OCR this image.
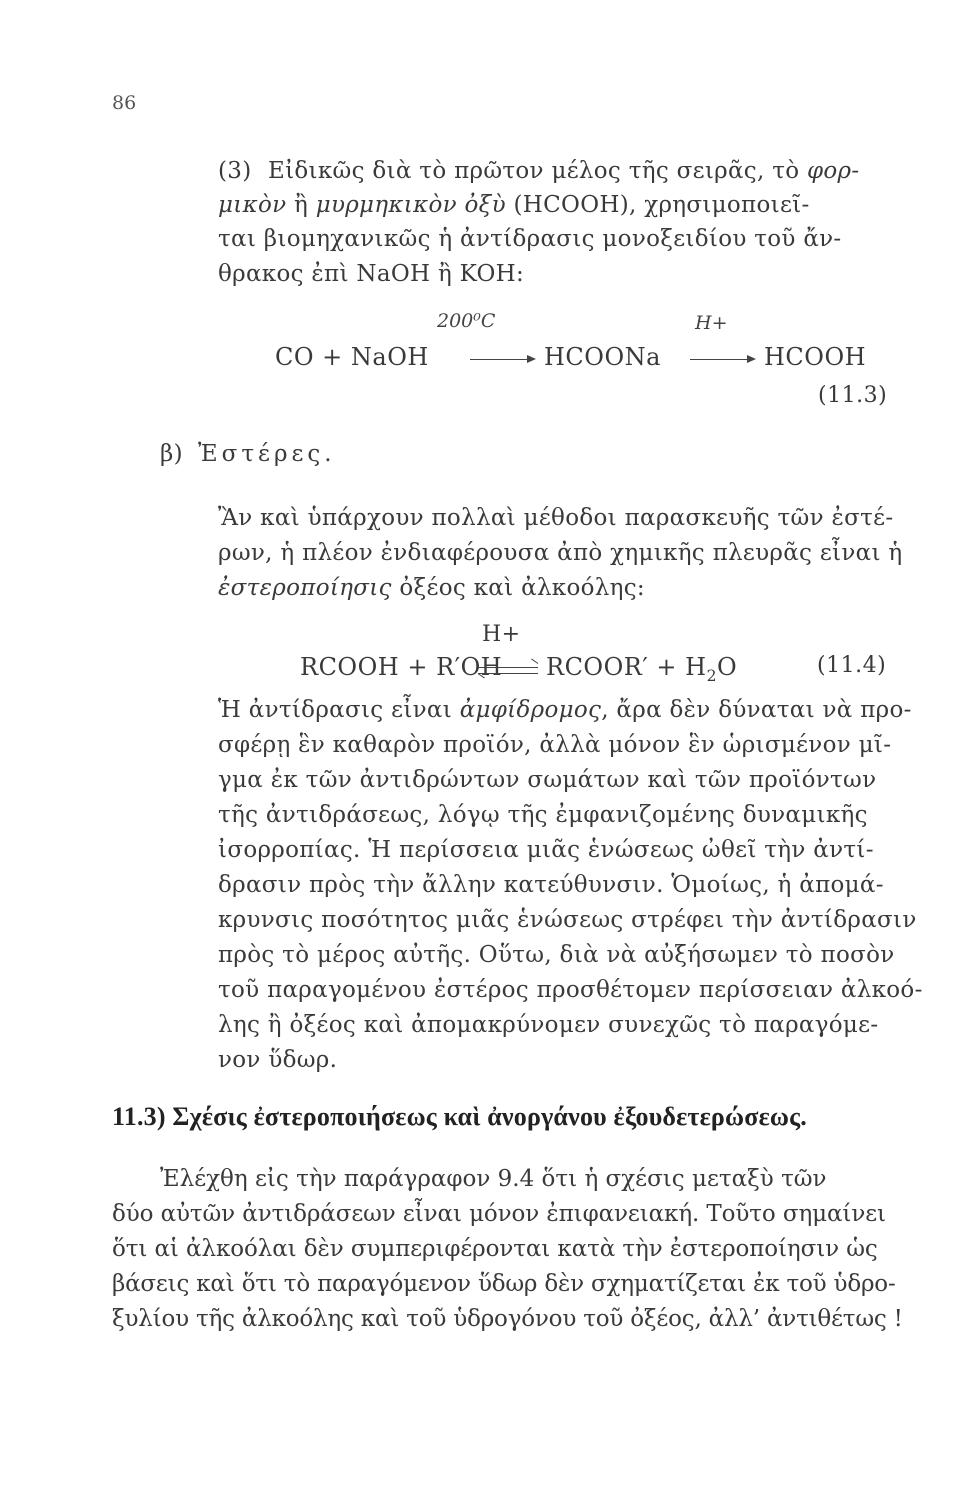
86
(3) Εἰδικῶς διὰ τὸ πρῶτον μέλος τῆς σειρᾶς, τὸ φορ-
μικὸν ἢ μυρμηκικὸν ὀξὺ (HCOOH), χρησιμοποιεῖ-
ται βιομηχανικῶς ἡ ἀντίδρασις μονοξειδίου τοῦ ἄν-
θρακος ἐπὶ NaOH ἢ KOH:
200⁰C	H+
CO + NaOH	→ HCOONa → HCOOH
(11.3)
β) Ἐστέρες.
Ἂν καὶ ὑπάρχουν πολλαὶ μέθοδοι παρασκευῆς τῶν ἐστέ-
ρων, ἡ πλέον ἐνδιαφέρουσα ἀπὸ χημικῆς πλευρᾶς εἶναι ἡ
ἐστεροποίησις ὀξέος καὶ ἀλκοόλης:
H+
RCOOH + R′OH RCOOR′ + $H_2O$	(11.4)
Ἡ ἀντίδρασις εἶναι ἀμφίδρομος, ἄρα δὲν δύναται νὰ προ-
σφέρῃ ἓν καθαρὸν προϊόν, ἀλλὰ μόνον ἓν ὡρισμένον μῖ-
γμα ἐκ τῶν ἀντιδρώντων σωμάτων καὶ τῶν προϊόντων
τῆς ἀντιδράσεως, λόγῳ τῆς ἐμφανιζομένης δυναμικῆς
ἰσορροπίας. Ἡ περίσσεια μιᾶς ἑνώσεως ὠθεῖ τὴν ἀντί-
δρασιν πρὸς τὴν ἄλλην κατεύθυνσιν. Ὁμοίως, ἡ ἀπομά-
κρυνσις ποσότητος μιᾶς ἑνώσεως στρέφει τὴν ἀντίδρασιν
πρὸς τὸ μέρος αὐτῆς. Οὕτω, διὰ νὰ αὐξήσωμεν τὸ ποσὸν
τοῦ παραγομένου ἐστέρος προσθέτομεν περίσσειαν ἀλκοό-
λης ἢ ὀξέος καὶ ἀπομακρύνομεν συνεχῶς τὸ παραγόμε-
νον ὕδωρ.
11.3) Σχέσις ἐστεροποιήσεως καὶ ἀνοργάνου ἐξουδετερώσεως.
Ἐλέχθη εἰς τὴν παράγραφον 9.4 ὅτι ἡ σχέσις μεταξὺ τῶν
δύο αὐτῶν ἀντιδράσεων εἶναι μόνον ἐπιφανειακή. Τοῦτο σημαίνει
ὅτι αἱ ἀλκοόλαι δὲν συμπεριφέρονται κατὰ τὴν ἐστεροποίησιν ὡς
βάσεις καὶ ὅτι τὸ παραγόμενον ὕδωρ δὲν σχηματίζεται ἐκ τοῦ ὑδρο-
ξυλίου τῆς ἀλκοόλης καὶ τοῦ ὑδρογόνου τοῦ ὀξέος, ἀλλ’ ἀντιθέτως !
